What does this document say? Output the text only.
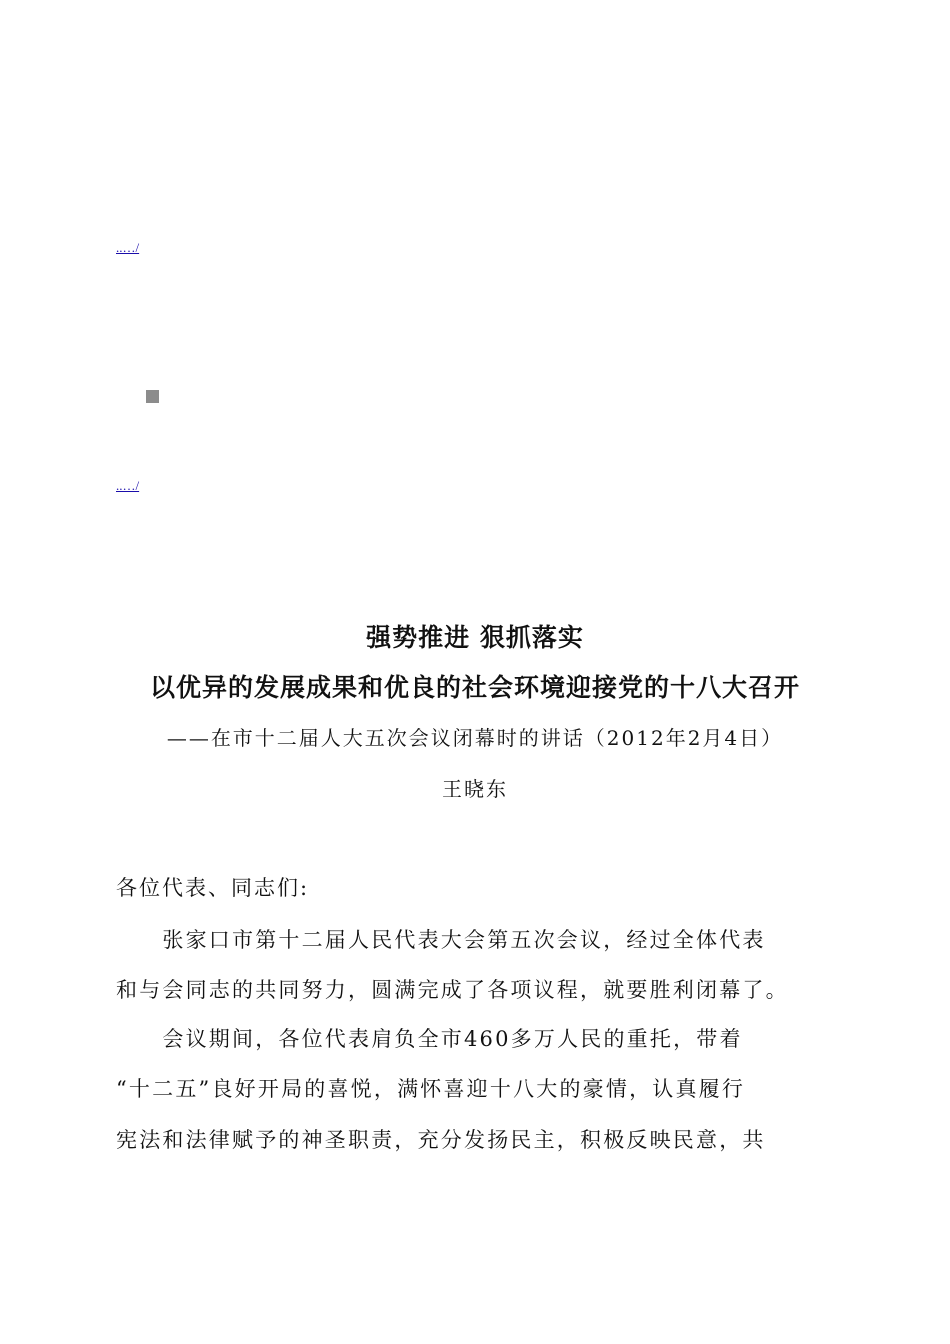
..…/
..…/
强势推进 狠抓落实
以优异的发展成果和优良的社会环境迎接党的十八大召开
——在市十二届人大五次会议闭幕时的讲话（2012年2月4日）
王晓东
各位代表、同志们:
　　张家口市第十二届人民代表大会第五次会议，经过全体代表
和与会同志的共同努力，圆满完成了各项议程，就要胜利闭幕了。
　　会议期间，各位代表肩负全市460多万人民的重托，带着
“十二五”良好开局的喜悦，满怀喜迎十八大的豪情，认真履行
宪法和法律赋予的神圣职责，充分发扬民主，积极反映民意，共
